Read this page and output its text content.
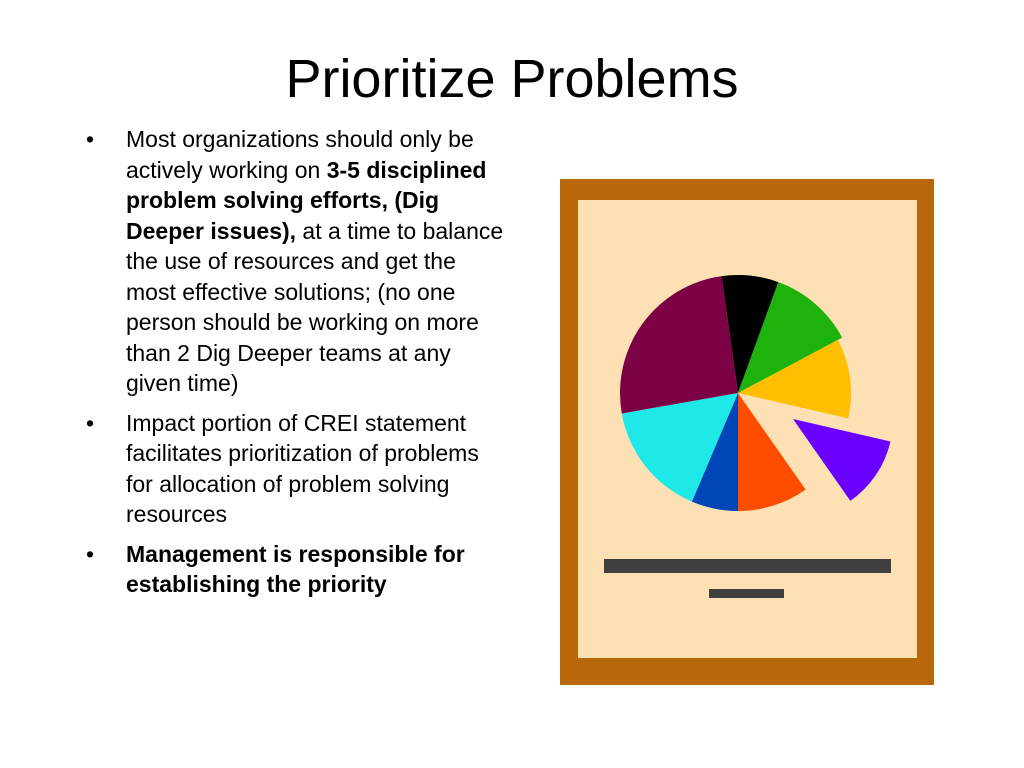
Prioritize Problems
• Most organizations should only be actively working on 3-5 disciplined problem solving efforts, (Dig Deeper issues), at a time to balance the use of resources and get the most effective solutions; (no one person should be working on more than 2 Dig Deeper teams at any given time)
• Impact portion of CREI statement facilitates prioritization of problems for allocation of problem solving resources
• Management is responsible for establishing the priority
